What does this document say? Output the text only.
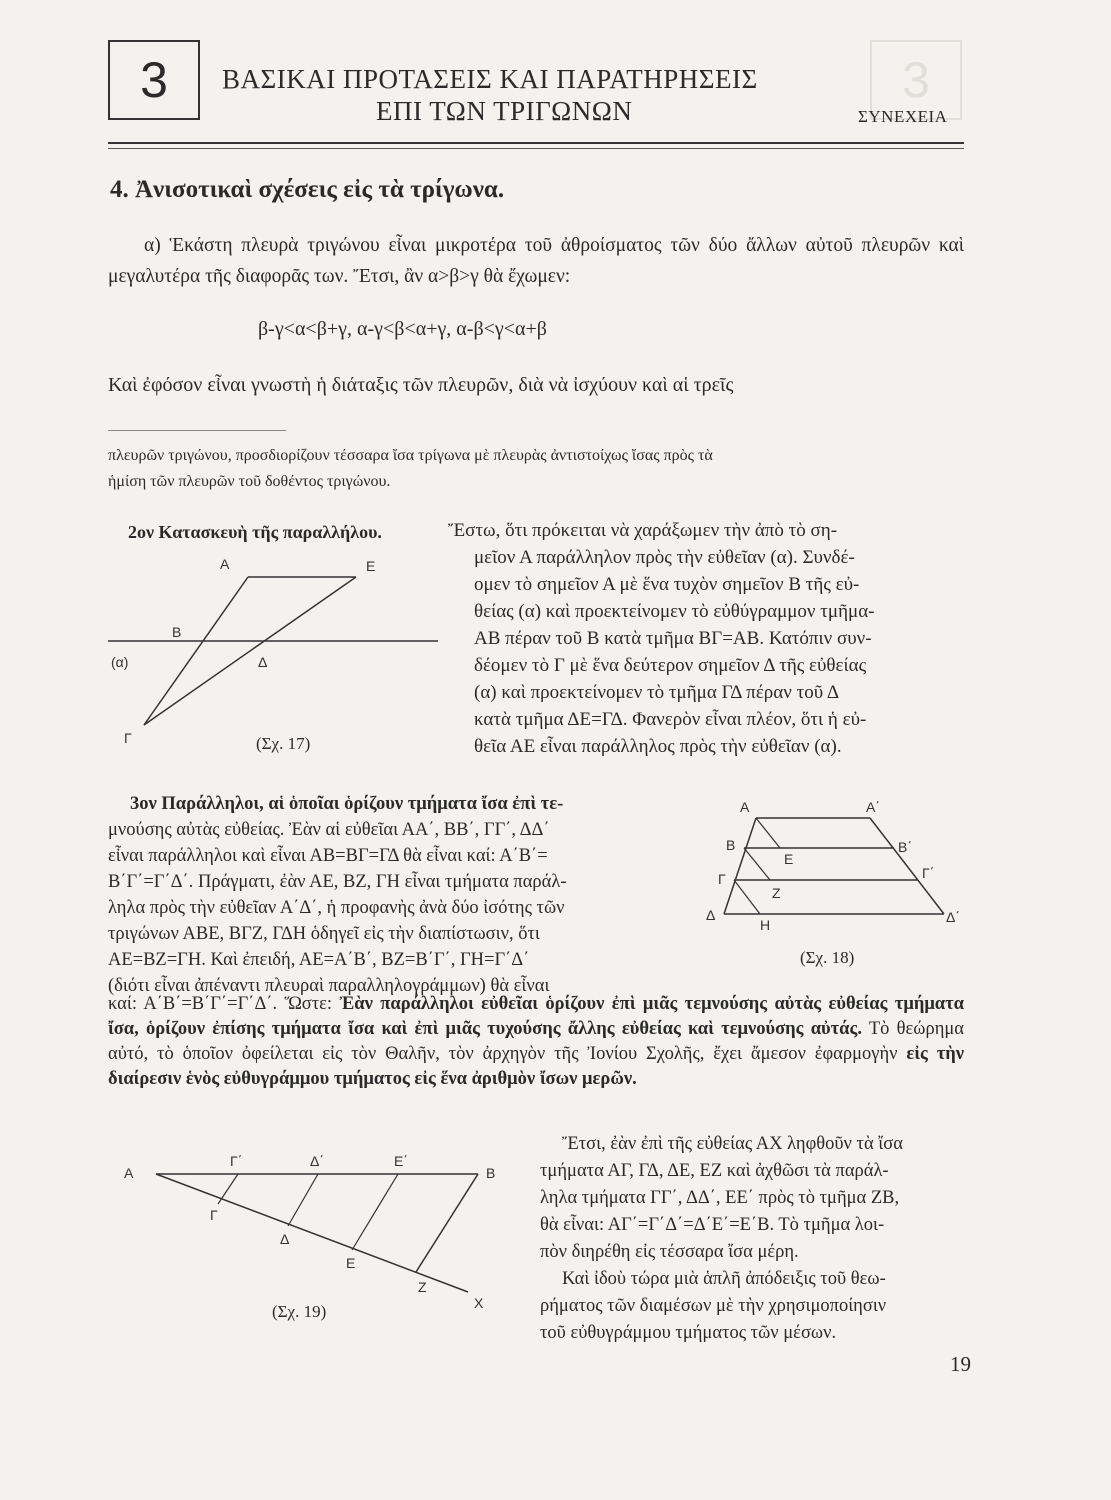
3
3 ΒΑΣΙΚΑΙ ΠΡΟΤΑΣΕΙΣ ΚΑΙ ΠΑΡΑΤΗΡΗΣΕΙΣ
ΕΠΙ ΤΩΝ ΤΡΙΓΩΝΩΝ	ΣΥΝΕΧΕΙΑ
4. Ἀνισοτικαὶ σχέσεις εἰς τὰ τρίγωνα.
α) Ἑκάστη πλευρὰ τριγώνου εἶναι μικροτέρα τοῦ ἀθροίσματος τῶν δύο ἄλλων αὐτοῦ πλευρῶν καὶ μεγαλυτέρα τῆς διαφορᾶς των. Ἔτσι, ἂν α>β>γ θὰ ἔχωμεν:
β-γ<α<β+γ, α-γ<β<α+γ, α-β<γ<α+β
Καὶ ἐφόσον εἶναι γνωστὴ ἡ διάταξις τῶν πλευρῶν, διὰ νὰ ἰσχύουν καὶ αἱ τρεῖς
πλευρῶν τριγώνου, προσδιορίζουν τέσσαρα ἴσα τρίγωνα μὲ πλευρὰς ἀντιστοίχως ἴσας πρὸς τὰ
ἡμίση τῶν πλευρῶν τοῦ δοθέντος τριγώνου.
2ον Κατασκευὴ τῆς παραλλήλου.	Ἔστω, ὅτι πρόκειται νὰ χαράξωμεν τὴν ἀπὸ τὸ ση-
μεῖον Α παράλληλον πρὸς τὴν εὐθεῖαν (α). Συνδέ-
ομεν τὸ σημεῖον Α μὲ ἕνα τυχὸν σημεῖον Β τῆς εὐ-
θείας (α) καὶ προεκτείνομεν τὸ εὐθύγραμμον τμῆμα-
ΑΒ πέραν τοῦ Β κατὰ τμῆμα ΒΓ=ΑΒ. Κατόπιν συν-
δέομεν τὸ Γ μὲ ἕνα δεύτερον σημεῖον Δ τῆς εὐθείας
(α) καὶ προεκτείνομεν τὸ τμῆμα ΓΔ πέραν τοῦ Δ
κατὰ τμῆμα ΔΕ=ΓΔ. Φανερὸν εἶναι πλέον, ὅτι ἡ εὐ-
θεῖα ΑΕ εἶναι παράλληλος πρὸς τὴν εὐθεῖαν (α).
A	E
B
(α)	Δ
Γ	(Σχ. 17)
3ον Παράλληλοι, αἱ ὁποῖαι ὁρίζουν τμήματα ἴσα ἐπὶ τε-
μνούσης αὐτὰς εὐθείας. Ἐὰν αἱ εὐθεῖαι ΑΑ΄, ΒΒ΄, ΓΓ΄, ΔΔ΄
εἶναι παράλληλοι καὶ εἶναι ΑΒ=ΒΓ=ΓΔ θὰ εἶναι καί: Α΄Β΄=
Β΄Γ΄=Γ΄Δ΄. Πράγματι, ἐὰν ΑΕ, ΒΖ, ΓΗ εἶναι τμήματα παράλ-
ληλα πρὸς τὴν εὐθεῖαν Α΄Δ΄, ἡ προφανὴς ἀνὰ δύο ἰσότης τῶν
τριγώνων ΑΒΕ, ΒΓΖ, ΓΔΗ ὁδηγεῖ εἰς τὴν διαπίστωσιν, ὅτι
ΑΕ=ΒΖ=ΓΗ. Καὶ ἐπειδή, ΑΕ=Α΄Β΄, ΒΖ=Β΄Γ΄, ΓΗ=Γ΄Δ΄
(διότι εἶναι ἀπέναντι πλευραὶ παραλληλογράμμων) θὰ εἶναι
A	A΄
B	B΄
E
Γ	Γ΄
Z
Δ	Δ΄
H
(Σχ. 18)
καί: Α΄Β΄=Β΄Γ΄=Γ΄Δ΄. Ὥστε: Ἐὰν παράλληλοι εὐθεῖαι ὁρίζουν ἐπὶ μιᾶς τεμνούσης αὐτὰς εὐθείας τμήματα ἴσα, ὁρίζουν ἐπίσης τμήματα ἴσα καὶ ἐπὶ μιᾶς τυχούσης ἄλλης εὐθείας καὶ τεμνούσης αὐτάς. Τὸ θεώρημα αὐτό, τὸ ὁποῖον ὀφείλεται εἰς τὸν Θαλῆν, τὸν ἀρχηγὸν τῆς Ἰονίου Σχολῆς, ἔχει ἄμεσον ἐφαρμογὴν εἰς τὴν διαίρεσιν ἑνὸς εὐθυγράμμου τμήματος εἰς ἕνα ἀριθμὸν ἴσων μερῶν.
Ἔτσι, ἐὰν ἐπὶ τῆς εὐθείας ΑΧ ληφθοῦν τὰ ἴσα
τμήματα ΑΓ, ΓΔ, ΔΕ, ΕΖ καὶ ἀχθῶσι τὰ παράλ-
ληλα τμήματα ΓΓ΄, ΔΔ΄, ΕΕ΄ πρὸς τὸ τμῆμα ΖΒ,
θὰ εἶναι: ΑΓ΄=Γ΄Δ΄=Δ΄Ε΄=Ε΄Β. Τὸ τμῆμα λοι-
πὸν διηρέθη εἰς τέσσαρα ἴσα μέρη.
Καὶ ἰδοὺ τώρα μιὰ ἁπλῆ ἀπόδειξις τοῦ θεω-
ρήματος τῶν διαμέσων μὲ τὴν χρησιμοποίησιν
τοῦ εὐθυγράμμου τμήματος τῶν μέσων.
A
Γ΄	Δ΄	E΄
B
Γ
Δ
E
Z
X
(Σχ. 19)
19
